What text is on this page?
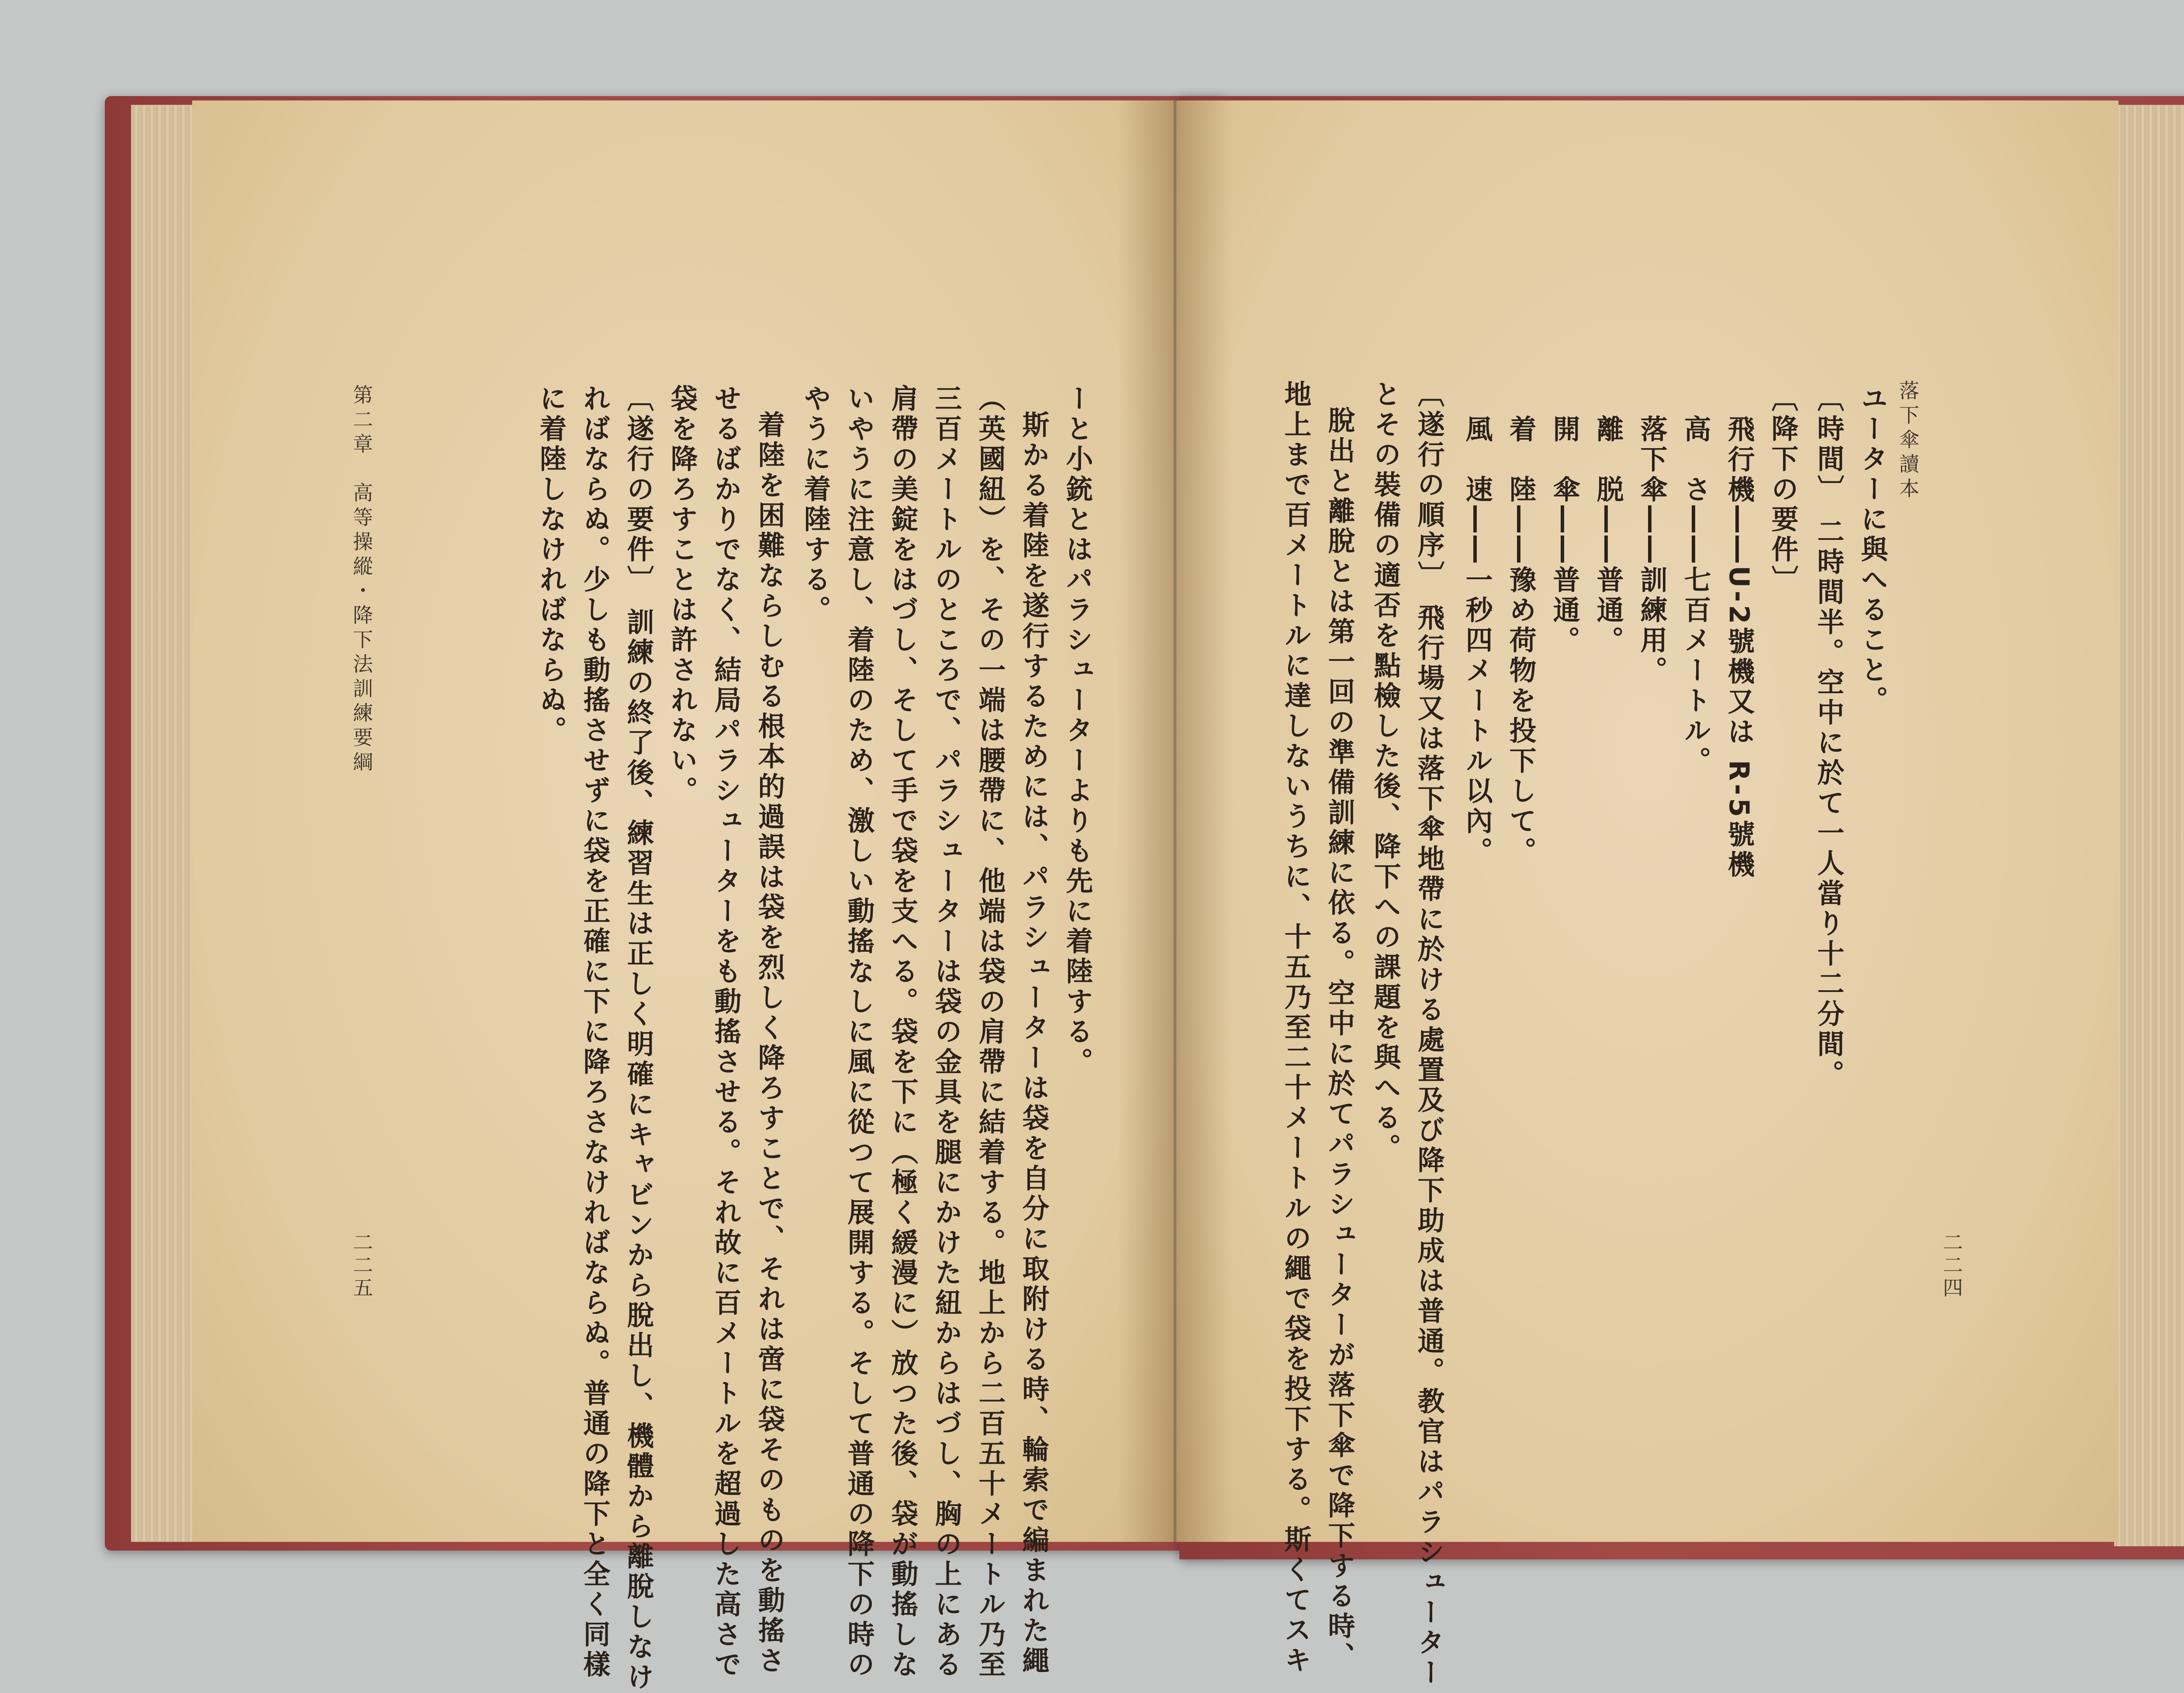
落下傘讀本
二二四
ユーターに與へること。
〔時間〕 二時間半。空中に於て一人當り十二分間。
〔降下の要件〕
飛行機――U-2號機又は R-5號機
高　さ――七百メートル。
落下傘――訓練用。
離　脱――普通。
開　傘――普通。
着　陸――豫め荷物を投下して。
風　速――一秒四メートル以內。
〔遂行の順序〕 飛行場又は落下傘地帶に於ける處置及び降下助成は普通。教官はパラシューター
とその裝備の適否を點檢した後、降下への課題を與へる。
脫出と離脫とは第一回の準備訓練に依る。空中に於てパラシューターが落下傘で降下する時、
地上まで百メートルに達しないうちに、十五乃至二十メートルの繩で袋を投下する。斯くてスキ
ーと小銃とはパラシューターよりも先に着陸する。
斯かる着陸を遂行するためには、パラシューターは袋を自分に取附ける時、輪索で編まれた繩
（英國紐）を、その一端は腰帶に、他端は袋の肩帶に結着する。地上から二百五十メートル乃至
三百メートルのところで、パラシューターは袋の金具を腿にかけた紐からはづし、胸の上にある
肩帶の美錠をはづし、そして手で袋を支へる。袋を下に（極く緩漫に）放つた後、袋が動搖しな
いやうに注意し、着陸のため、激しい動搖なしに風に從つて展開する。そして普通の降下の時の
やうに着陸する。
着陸を困難ならしむる根本的過誤は袋を烈しく降ろすことで、それは啻に袋そのものを動搖さ
せるばかりでなく、結局パラシューターをも動搖させる。それ故に百メートルを超過した高さで
袋を降ろすことは許されない。
〔遂行の要件〕 訓練の終了後、練習生は正しく明確にキャビンから脫出し、機體から離脫しなけ
ればならぬ。少しも動搖させずに袋を正確に下に降ろさなければならぬ。普通の降下と全く同樣
に着陸しなければならぬ。
第二章　高等操縱・降下法訓練要綱
二二五
